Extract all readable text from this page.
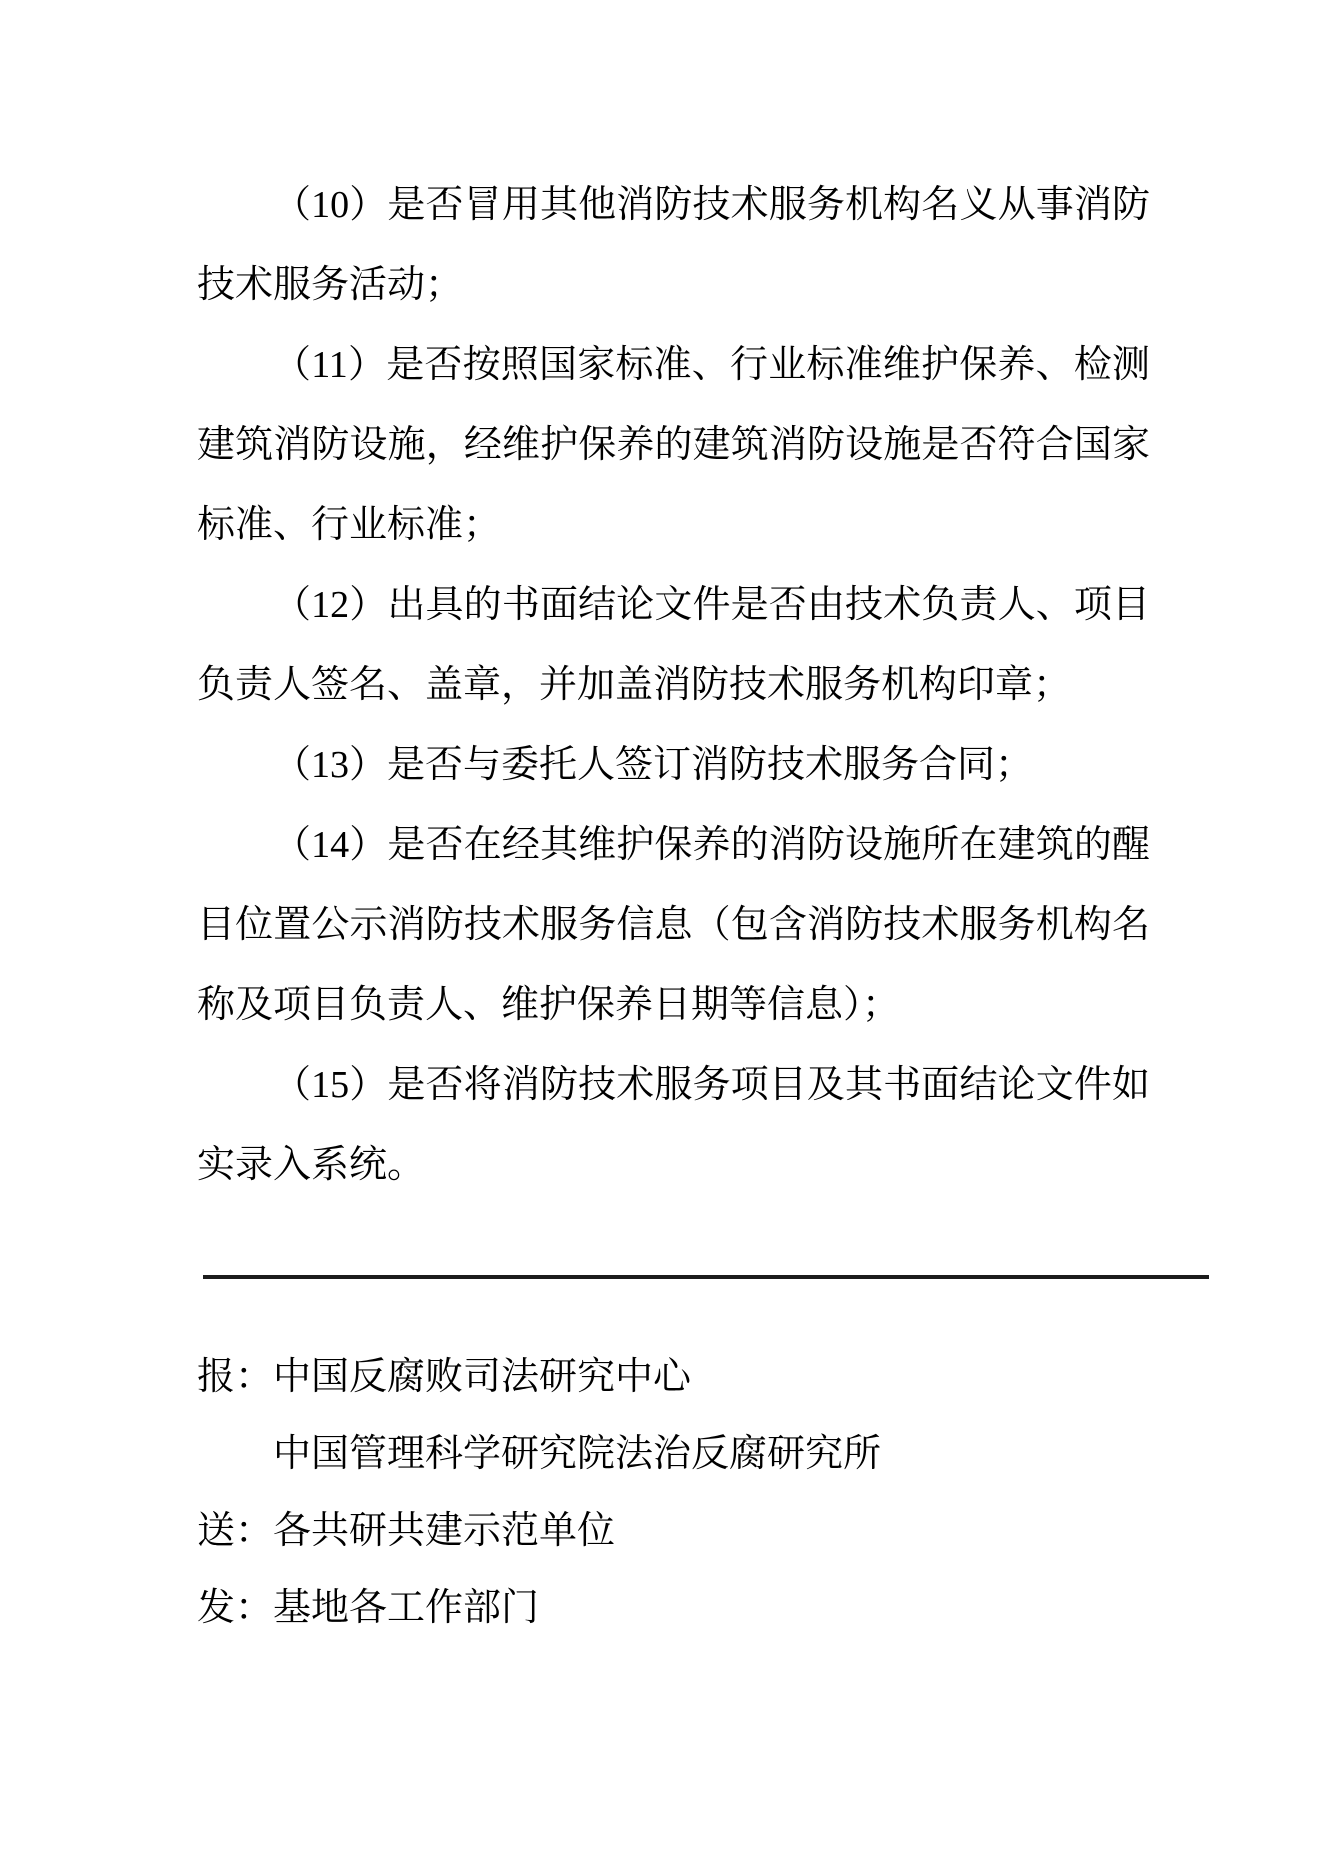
（10）是否冒用其他消防技术服务机构名义从事消防技术服务活动；

（11）是否按照国家标准、行业标准维护保养、检测建筑消防设施，经维护保养的建筑消防设施是否符合国家标准、行业标准；

（12）出具的书面结论文件是否由技术负责人、项目负责人签名、盖章，并加盖消防技术服务机构印章；

（13）是否与委托人签订消防技术服务合同；

（14）是否在经其维护保养的消防设施所在建筑的醒目位置公示消防技术服务信息（包含消防技术服务机构名称及项目负责人、维护保养日期等信息）；

（15）是否将消防技术服务项目及其书面结论文件如实录入系统。

报：中国反腐败司法研究中心
中国管理科学研究院法治反腐研究所
送：各共研共建示范单位
发：基地各工作部门
